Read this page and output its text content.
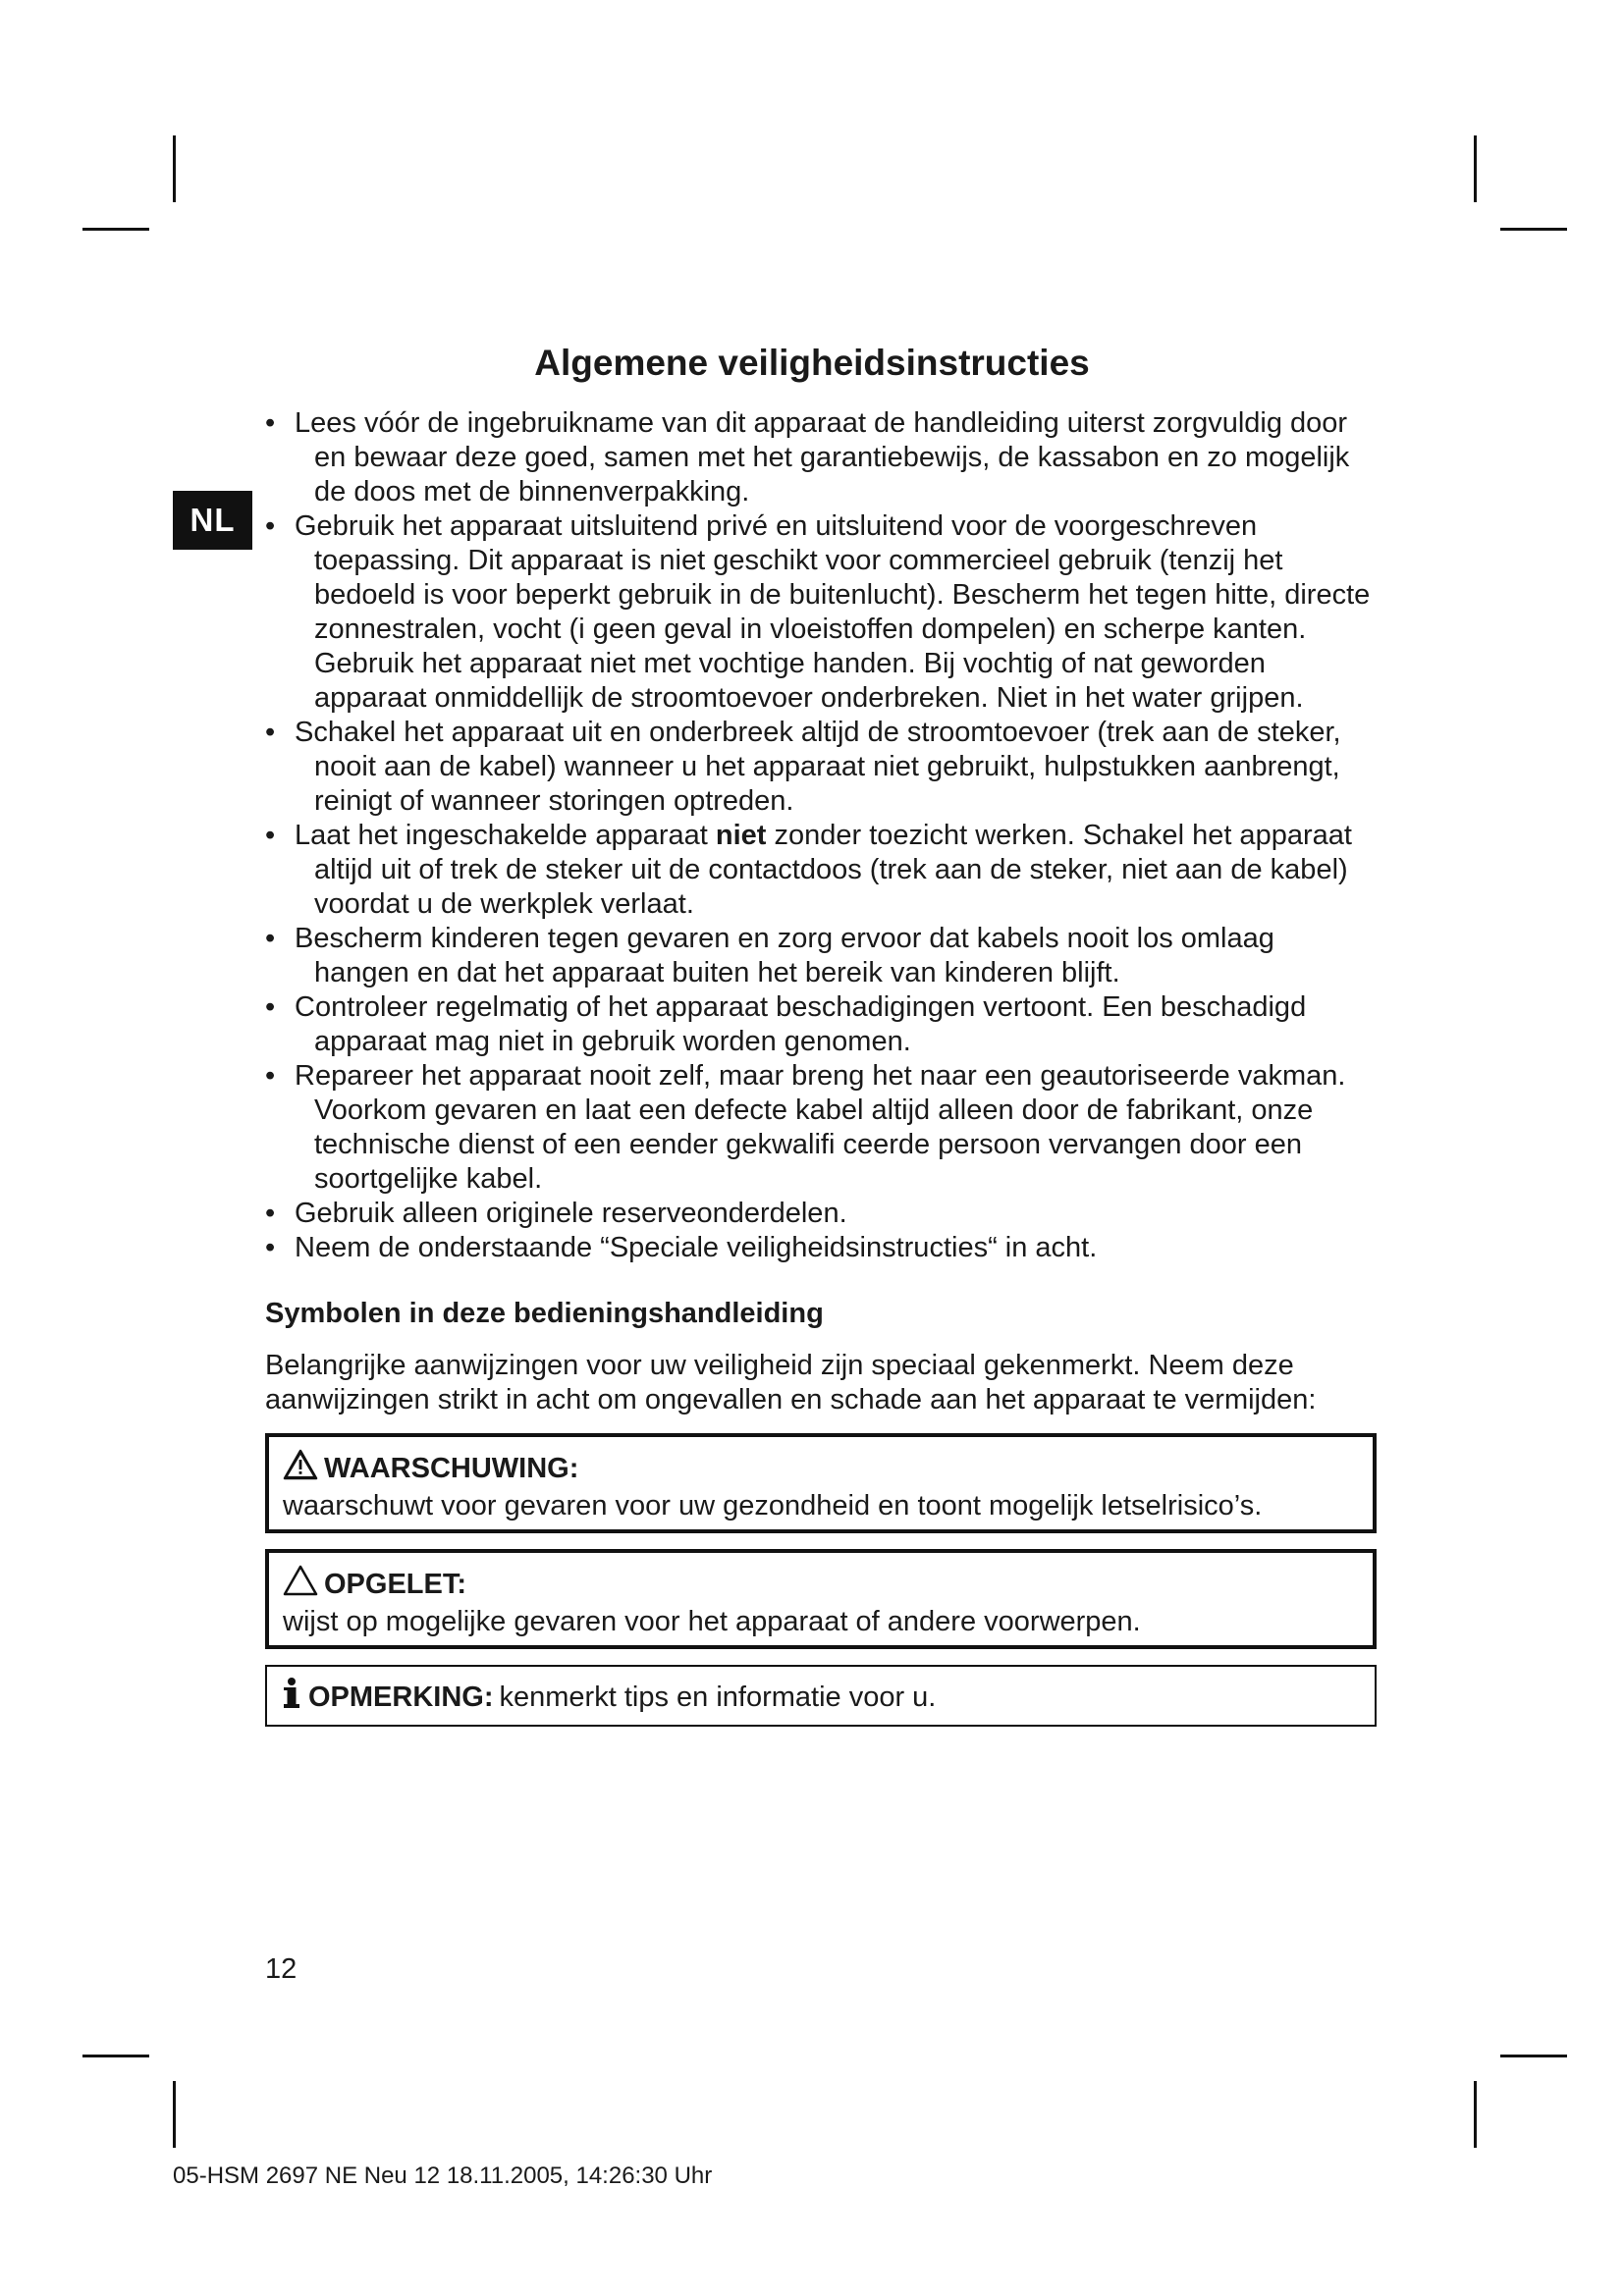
Algemene veiligheidsinstructies
NL
• Lees vóór de ingebruikname van dit apparaat de handleiding uiterst zorgvuldig door en bewaar deze goed, samen met het garantiebewijs, de kassabon en zo mogelijk de doos met de binnenverpakking.
• Gebruik het apparaat uitsluitend privé en uitsluitend voor de voorgeschreven toepassing. Dit apparaat is niet geschikt voor commercieel gebruik (tenzij het bedoeld is voor beperkt gebruik in de buitenlucht). Bescherm het tegen hitte, directe zonnestralen, vocht (i geen geval in vloeistoffen dompelen) en scherpe kanten. Gebruik het apparaat niet met vochtige handen. Bij vochtig of nat geworden apparaat onmiddellijk de stroomtoevoer onderbreken. Niet in het water grijpen.
• Schakel het apparaat uit en onderbreek altijd de stroomtoevoer (trek aan de steker, nooit aan de kabel) wanneer u het apparaat niet gebruikt, hulpstukken aanbrengt, reinigt of wanneer storingen optreden.
• Laat het ingeschakelde apparaat niet zonder toezicht werken. Schakel het apparaat altijd uit of trek de steker uit de contactdoos (trek aan de steker, niet aan de kabel) voordat u de werkplek verlaat.
• Bescherm kinderen tegen gevaren en zorg ervoor dat kabels nooit los omlaag hangen en dat het apparaat buiten het bereik van kinderen blijft.
• Controleer regelmatig of het apparaat beschadigingen vertoont. Een beschadigd apparaat mag niet in gebruik worden genomen.
• Repareer het apparaat nooit zelf, maar breng het naar een geautoriseerde vakman. Voorkom gevaren en laat een defecte kabel altijd alleen door de fabrikant, onze technische dienst of een eender gekwalifi ceerde persoon vervangen door een soortgelijke kabel.
• Gebruik alleen originele reserveonderdelen.
• Neem de onderstaande “Speciale veiligheidsinstructies“ in acht.
Symbolen in deze bedieningshandleiding
Belangrijke aanwijzingen voor uw veiligheid zijn speciaal gekenmerkt. Neem deze aanwijzingen strikt in acht om ongevallen en schade aan het apparaat te vermijden:
WAARSCHUWING:
waarschuwt voor gevaren voor uw gezondheid en toont mogelijk letselrisico’s.
OPGELET:
wijst op mogelijke gevaren voor het apparaat of andere voorwerpen.
OPMERKING: kenmerkt tips en informatie voor u.
12
05-HSM 2697 NE Neu 12 18.11.2005, 14:26:30 Uhr
